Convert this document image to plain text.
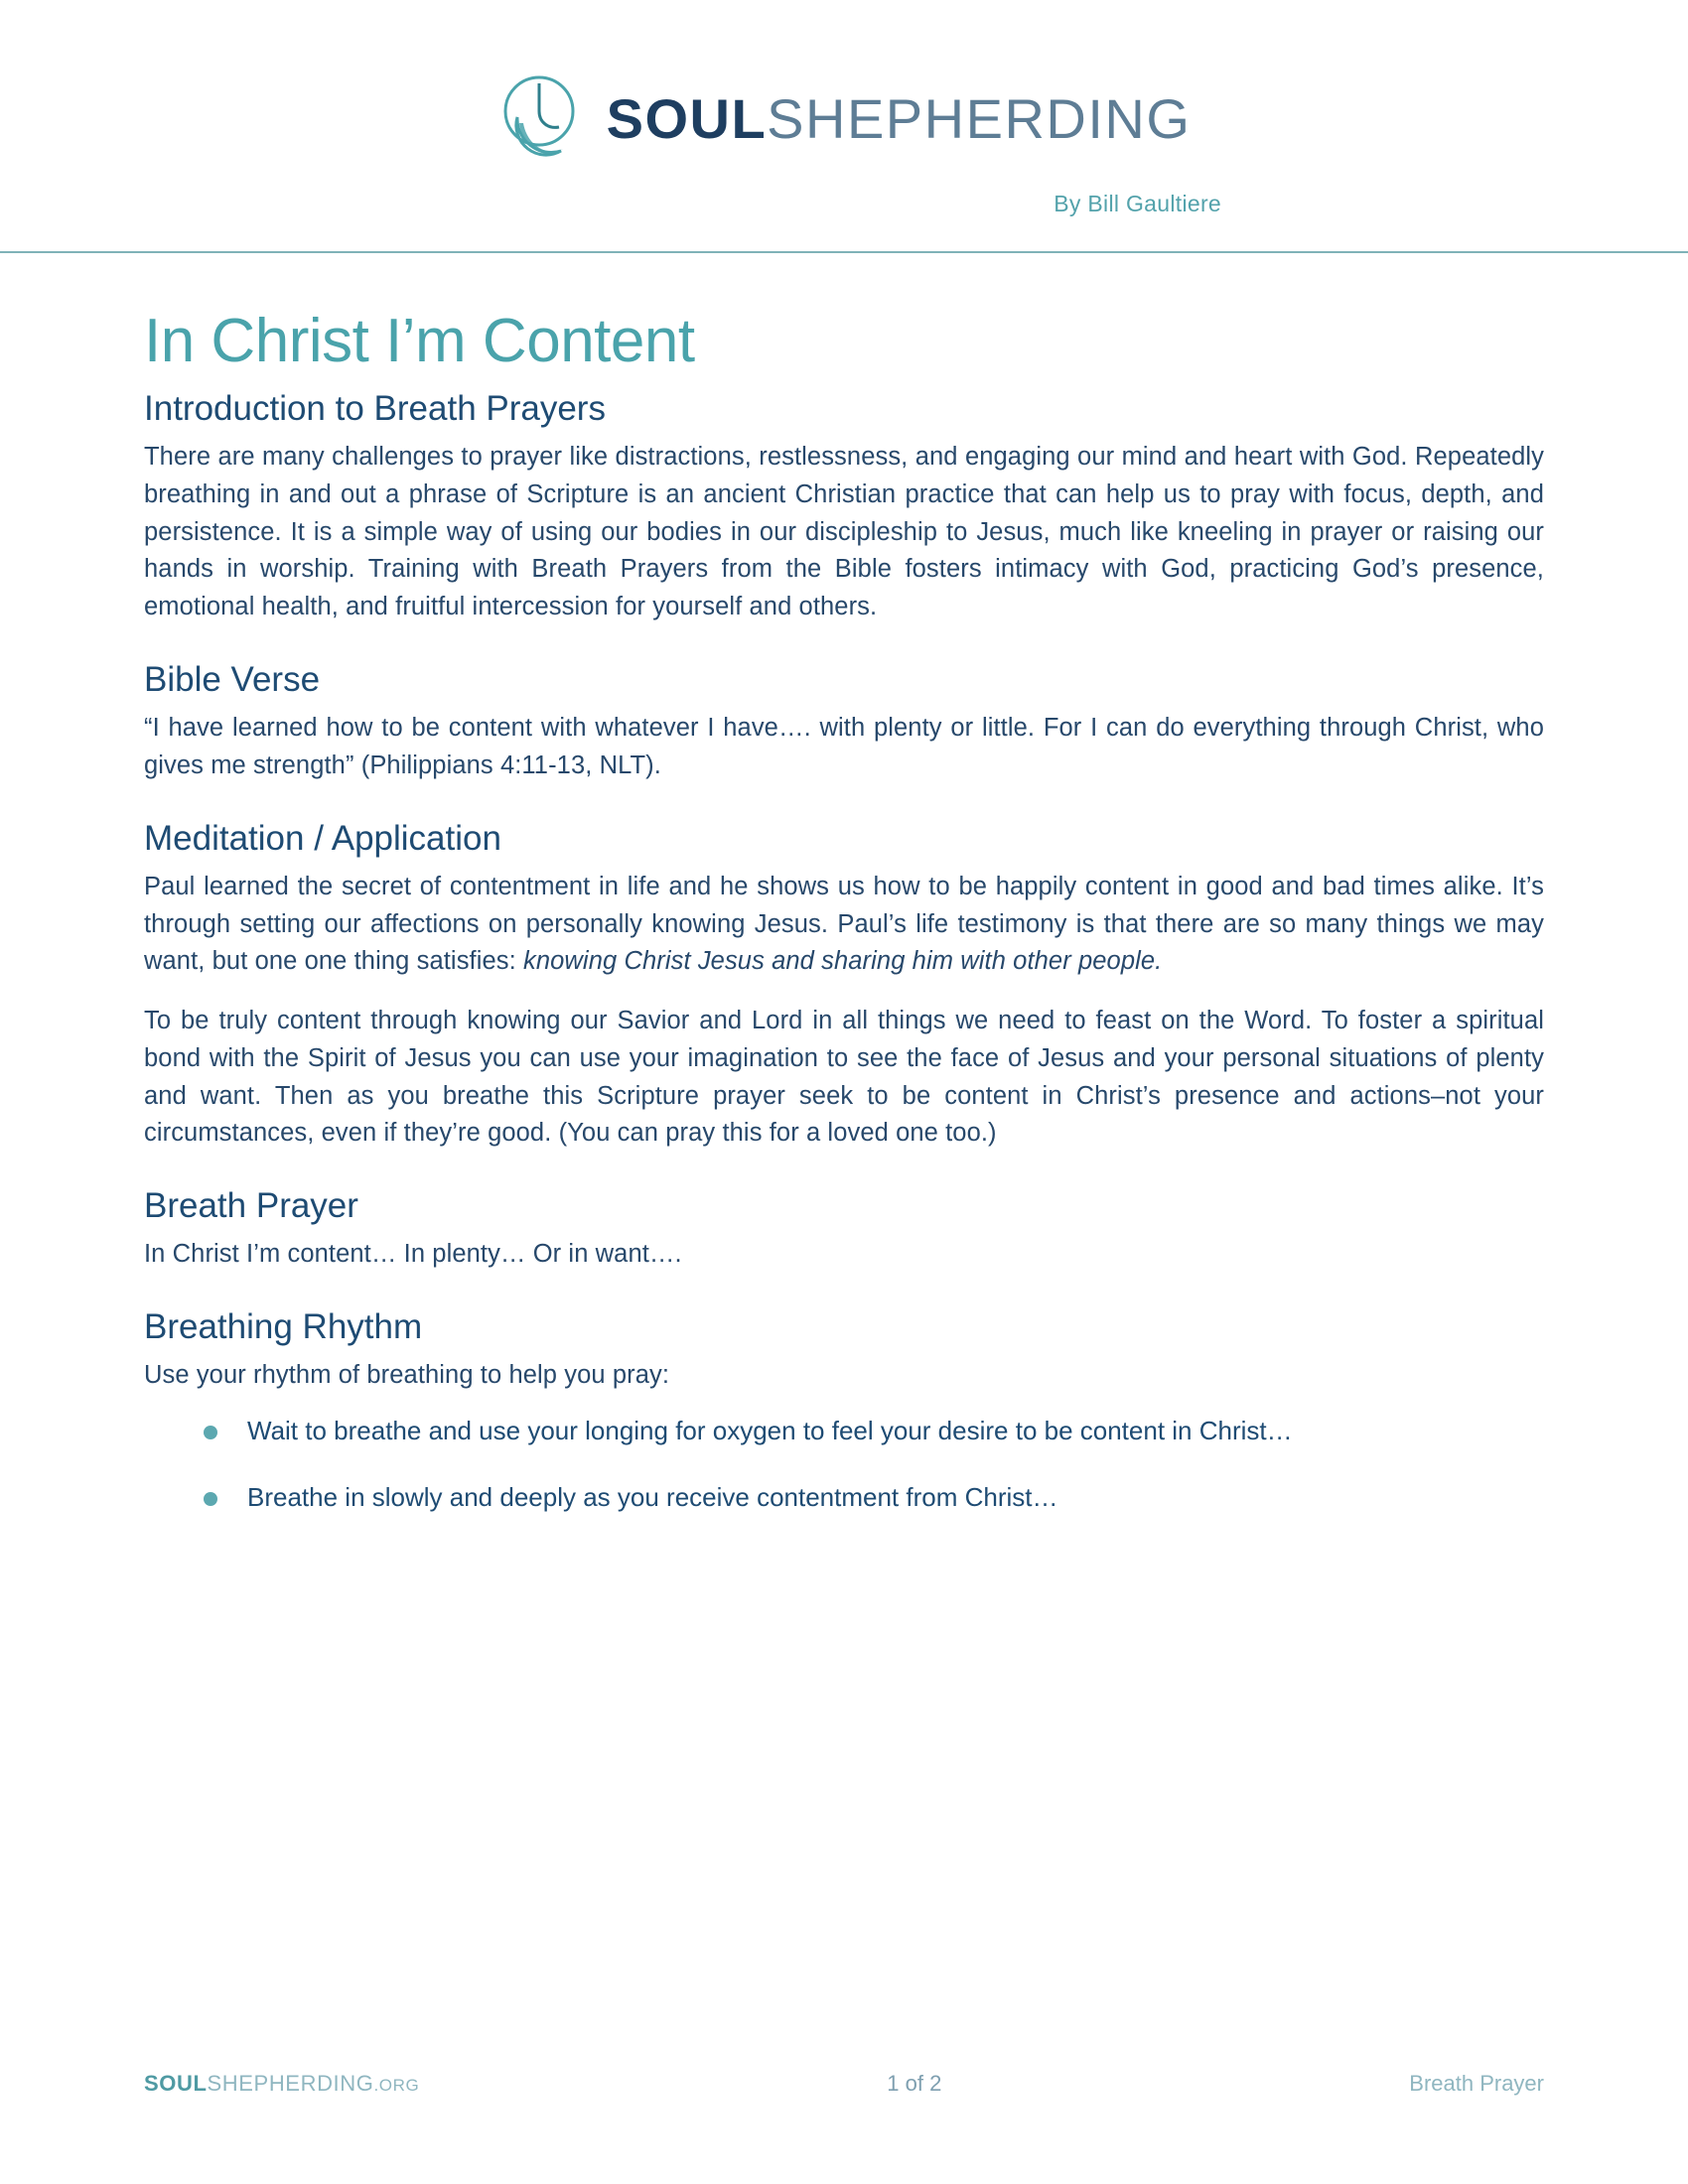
SOULSHEPHERDING
By Bill Gaultiere
In Christ I’m Content
Introduction to Breath Prayers

There are many challenges to prayer like distractions, restlessness, and engaging our mind and heart with God. Repeatedly breathing in and out a phrase of Scripture is an ancient Christian practice that can help us to pray with focus, depth, and persistence. It is a simple way of using our bodies in our discipleship to Jesus, much like kneeling in prayer or raising our hands in worship. Training with Breath Prayers from the Bible fosters intimacy with God, practicing God’s presence, emotional health, and fruitful intercession for yourself and others.

Bible Verse

“I have learned how to be content with whatever I have…. with plenty or little. For I can do everything through Christ, who gives me strength” (Philippians 4:11-13, NLT).

Meditation / Application

Paul learned the secret of contentment in life and he shows us how to be happily content in good and bad times alike. It’s through setting our affections on personally knowing Jesus. Paul’s life testimony is that there are so many things we may want, but one one thing satisfies: knowing Christ Jesus and sharing him with other people.

To be truly content through knowing our Savior and Lord in all things we need to feast on the Word. To foster a spiritual bond with the Spirit of Jesus you can use your imagination to see the face of Jesus and your personal situations of plenty and want. Then as you breathe this Scripture prayer seek to be content in Christ’s presence and actions–not your circumstances, even if they’re good. (You can pray this for a loved one too.)

Breath Prayer

In Christ I’m content… In plenty… Or in want….

Breathing Rhythm

Use your rhythm of breathing to help you pray:

Wait to breathe and use your longing for oxygen to feel your desire to be content in Christ…
Breathe in slowly and deeply as you receive contentment from Christ…
SOULSHEPHERDING.ORG	1 of 2	Breath Prayer
